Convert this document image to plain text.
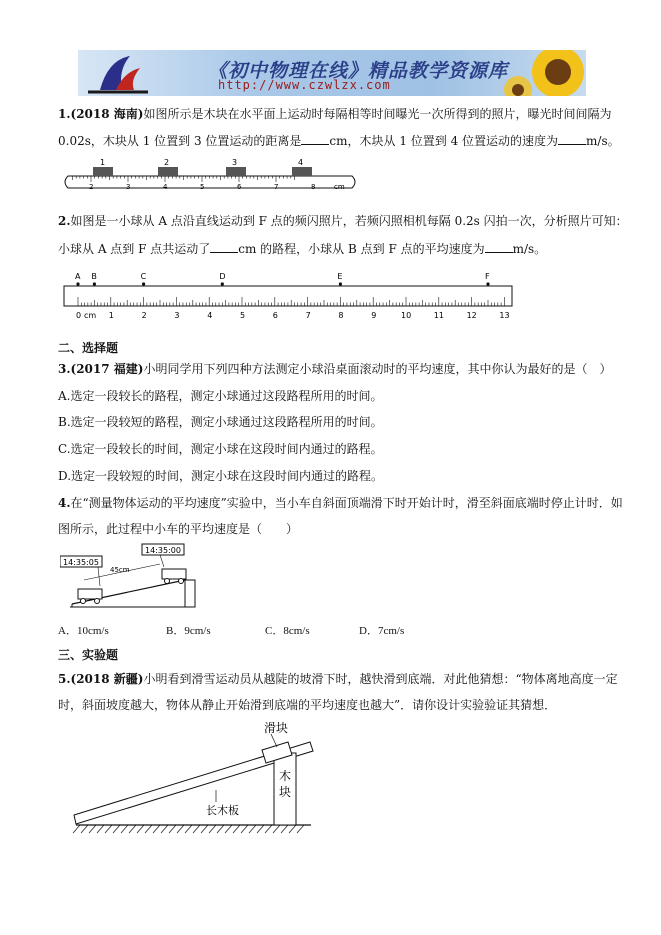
《初中物理在线》精品教学资源库
http://www.czwlzx.com
1.(2018 海南)如图所示是木块在水平面上运动时每隔相等时间曝光一次所得到的照片，曝光时间间隔为
0.02s，木块从 1 位置到 3 位置运动的距离是 cm，木块从 1 位置到 4 位置运动的速度为 m/s。
2	3	4	5	6	7	8	cm
1	2	3	4
2.如图是一小球从 A 点沿直线运动到 F 点的频闪照片，若频闪照相机每隔 0.2s 闪拍一次，分析照片可知：
小球从 A 点到 F 点共运动了 cm 的路程，小球从 B 点到 F 点的平均速度为 m/s。
A B	C	D	E	F
0	1	2	3	4	5	6	7	8	9	10	11	12	13
cm
二、选择题
3.(2017 福建)小明同学用下列四种方法测定小球沿桌面滚动时的平均速度，其中你认为最好的是（　）
A.选定一段较长的路程，测定小球通过这段路程所用的时间。
B.选定一段较短的路程，测定小球通过这段路程所用的时间。
C.选定一段较长的时间，测定小球在这段时间内通过的路程。
D.选定一段较短的时间，测定小球在这段时间内通过的路程。
4.在“测量物体运动的平均速度”实验中，当小车自斜面顶端滑下时开始计时，滑至斜面底端时停止计时．如
图所示，此过程中小车的平均速度是（　　）
14:35:05
14:35:00
45cm
A．10cm/s	B．9cm/s	C．8cm/s	D．7cm/s
三、实验题
5.(2018 新疆)小明看到滑雪运动员从越陡的坡滑下时，越快滑到底端．对此他猜想：“物体离地高度一定
时，斜面坡度越大，物体从静止开始滑到底端的平均速度也越大”．请你设计实验验证其猜想．
木
块
滑块
长木板
